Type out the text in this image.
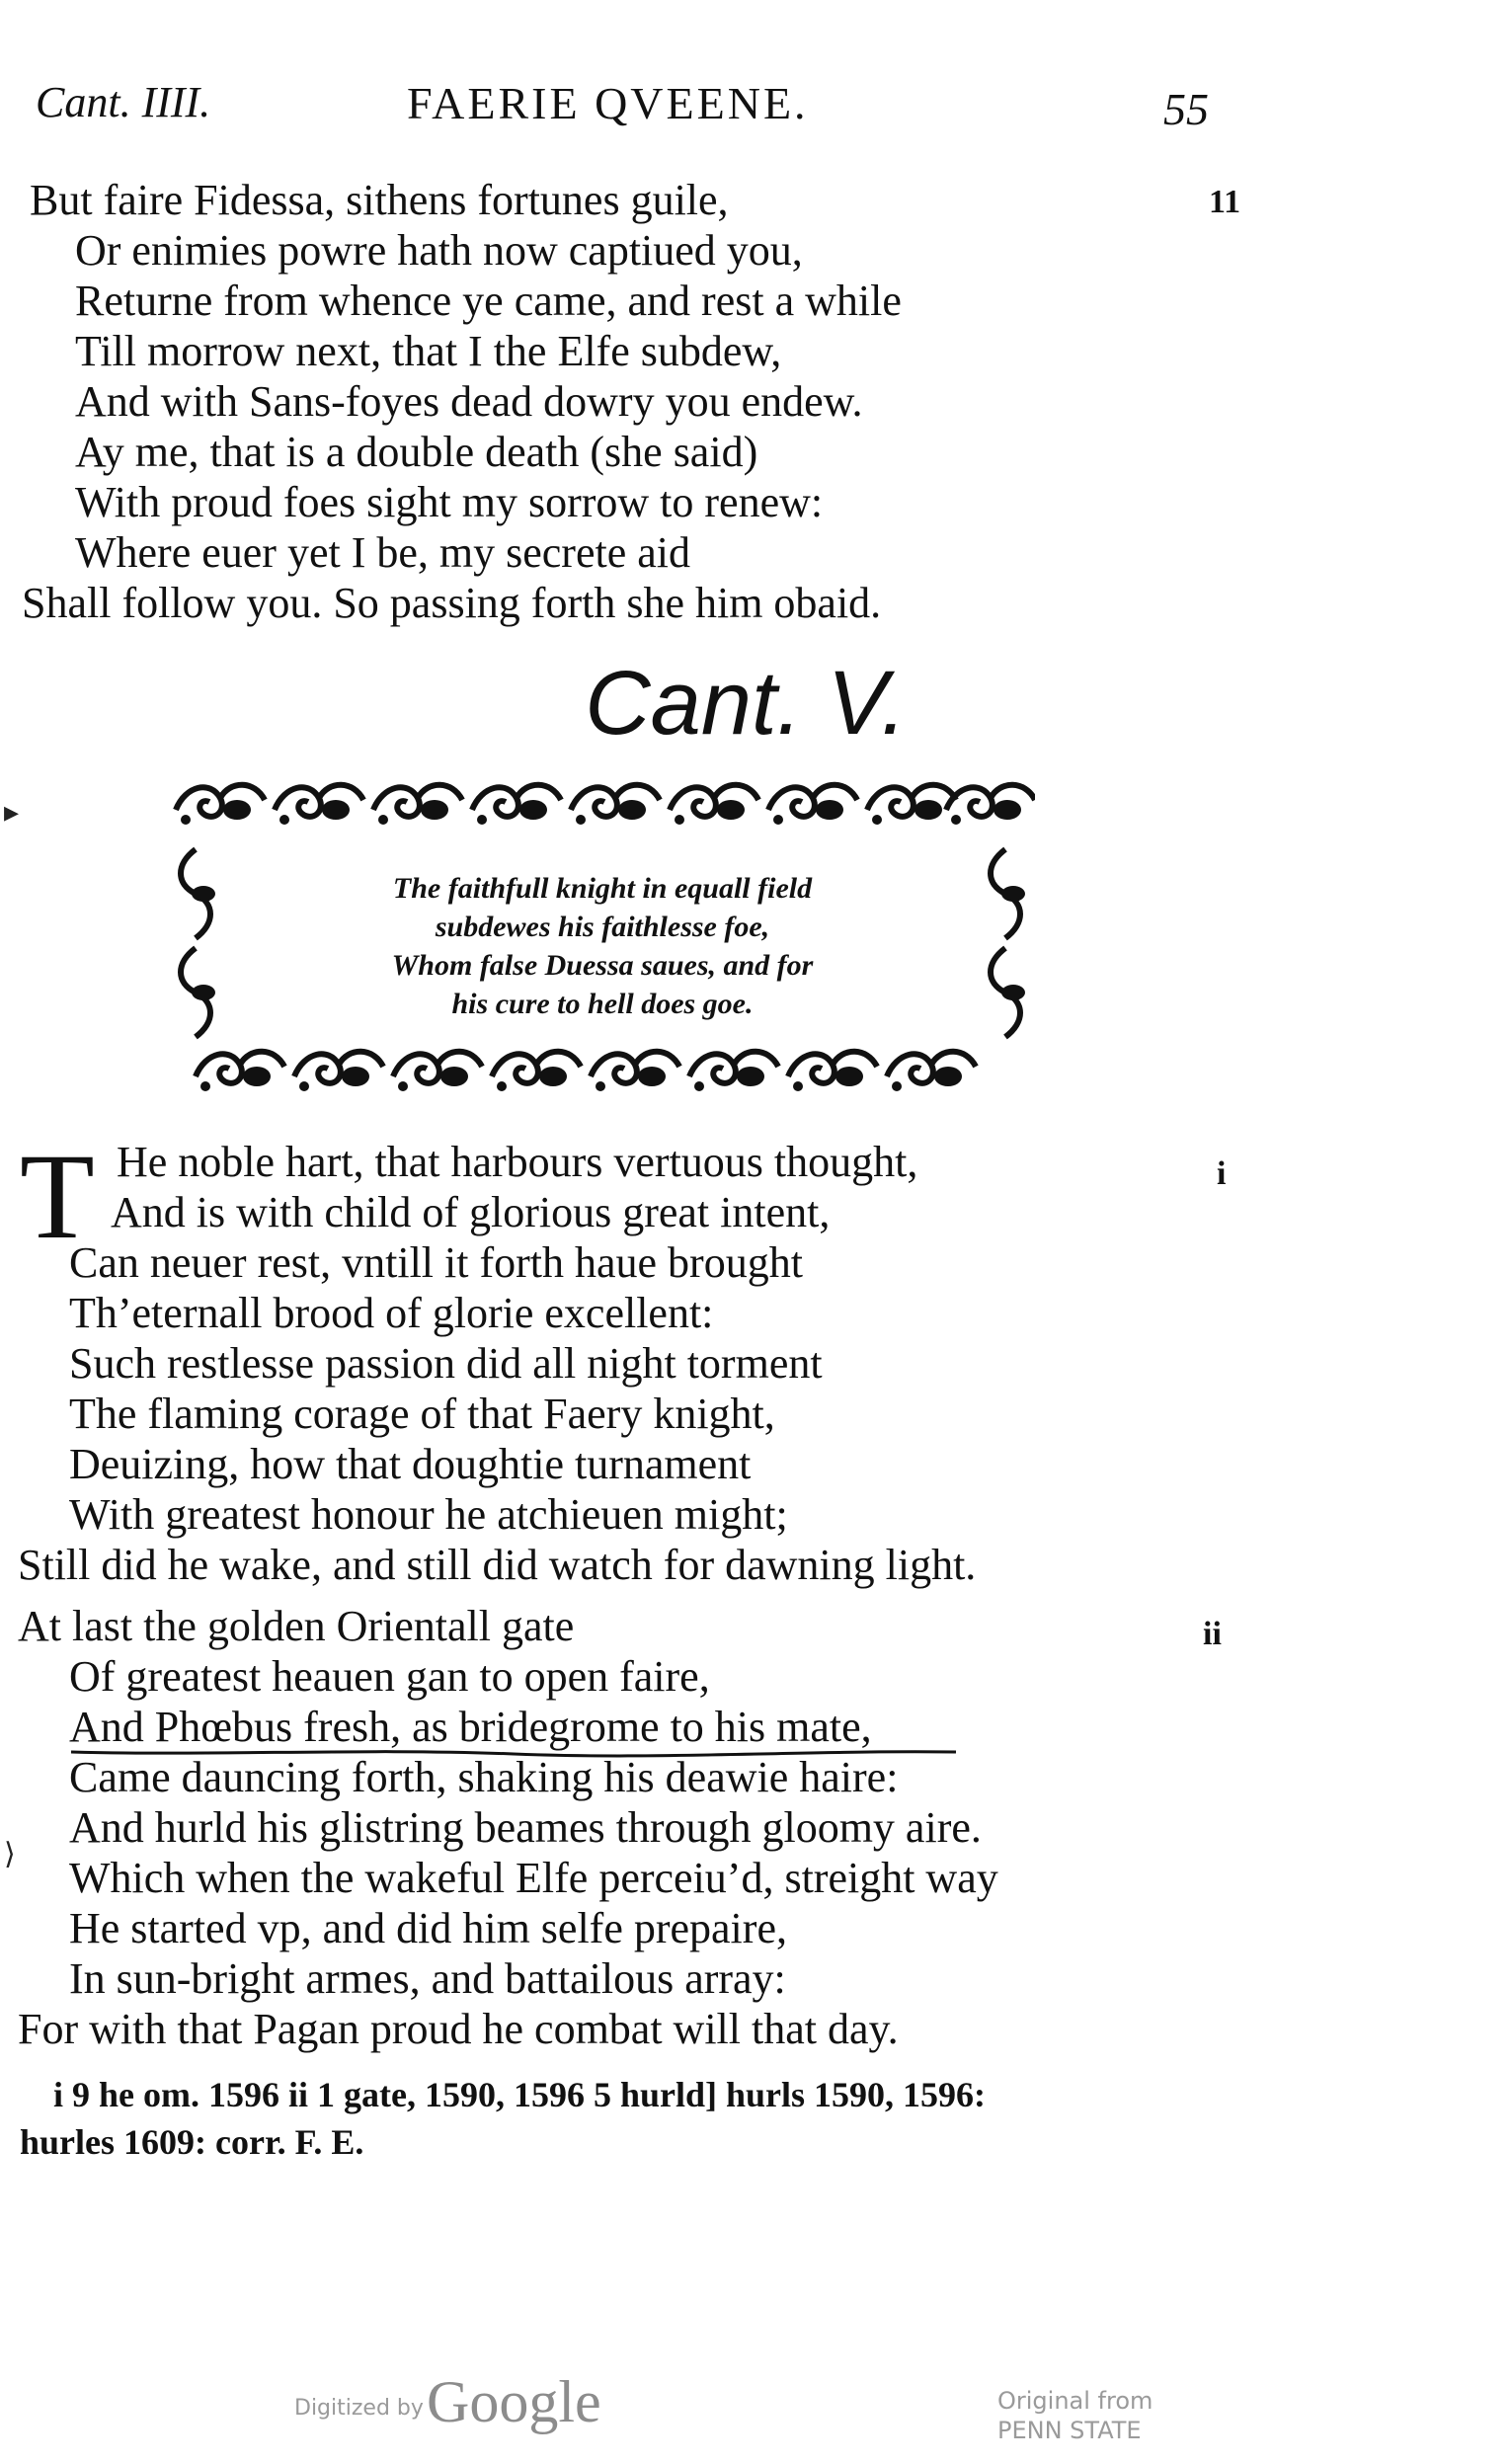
Cant. IIII.	FAERIE QVEENE.	55
11
But faire Fidessa, sithens fortunes guile,
Or enimies powre hath now captiued you,
Returne from whence ye came, and rest a while
Till morrow next, that I the Elfe subdew,
And with Sans-foyes dead dowry you endew.
Ay me, that is a double death (she said)
With proud foes sight my sorrow to renew:
Where euer yet I be, my secrete aid
Shall follow you. So passing forth she him obaid.
Cant. V.
The faithfull knight in equall field
subdewes his faithlesse foe,
Whom false Duessa saues, and for
his cure to hell does goe.
T	i
He noble hart, that harbours vertuous thought,
And is with child of glorious great intent,
Can neuer rest, vntill it forth haue brought
Th’eternall brood of glorie excellent:
Such restlesse passion did all night torment
The flaming corage of that Faery knight,
Deuizing, how that doughtie turnament
With greatest honour he atchieuen might;
Still did he wake, and still did watch for dawning light.
ii
At last the golden Orientall gate
Of greatest heauen gan to open faire,
And Phœbus fresh, as bridegrome to his mate,
Came dauncing forth, shaking his deawie haire:
And hurld his glistring beames through gloomy aire.
Which when the wakeful Elfe perceiu’d, streight way
He started vp, and did him selfe prepaire,
In sun-bright armes, and battailous array:
For with that Pagan proud he combat will that day.
▸
⟩
i 9 he om. 1596 ii 1 gate, 1590, 1596 5 hurld] hurls 1590, 1596:
hurles 1609: corr. F. E.
Digitized by Google	Original from
PENN STATE
